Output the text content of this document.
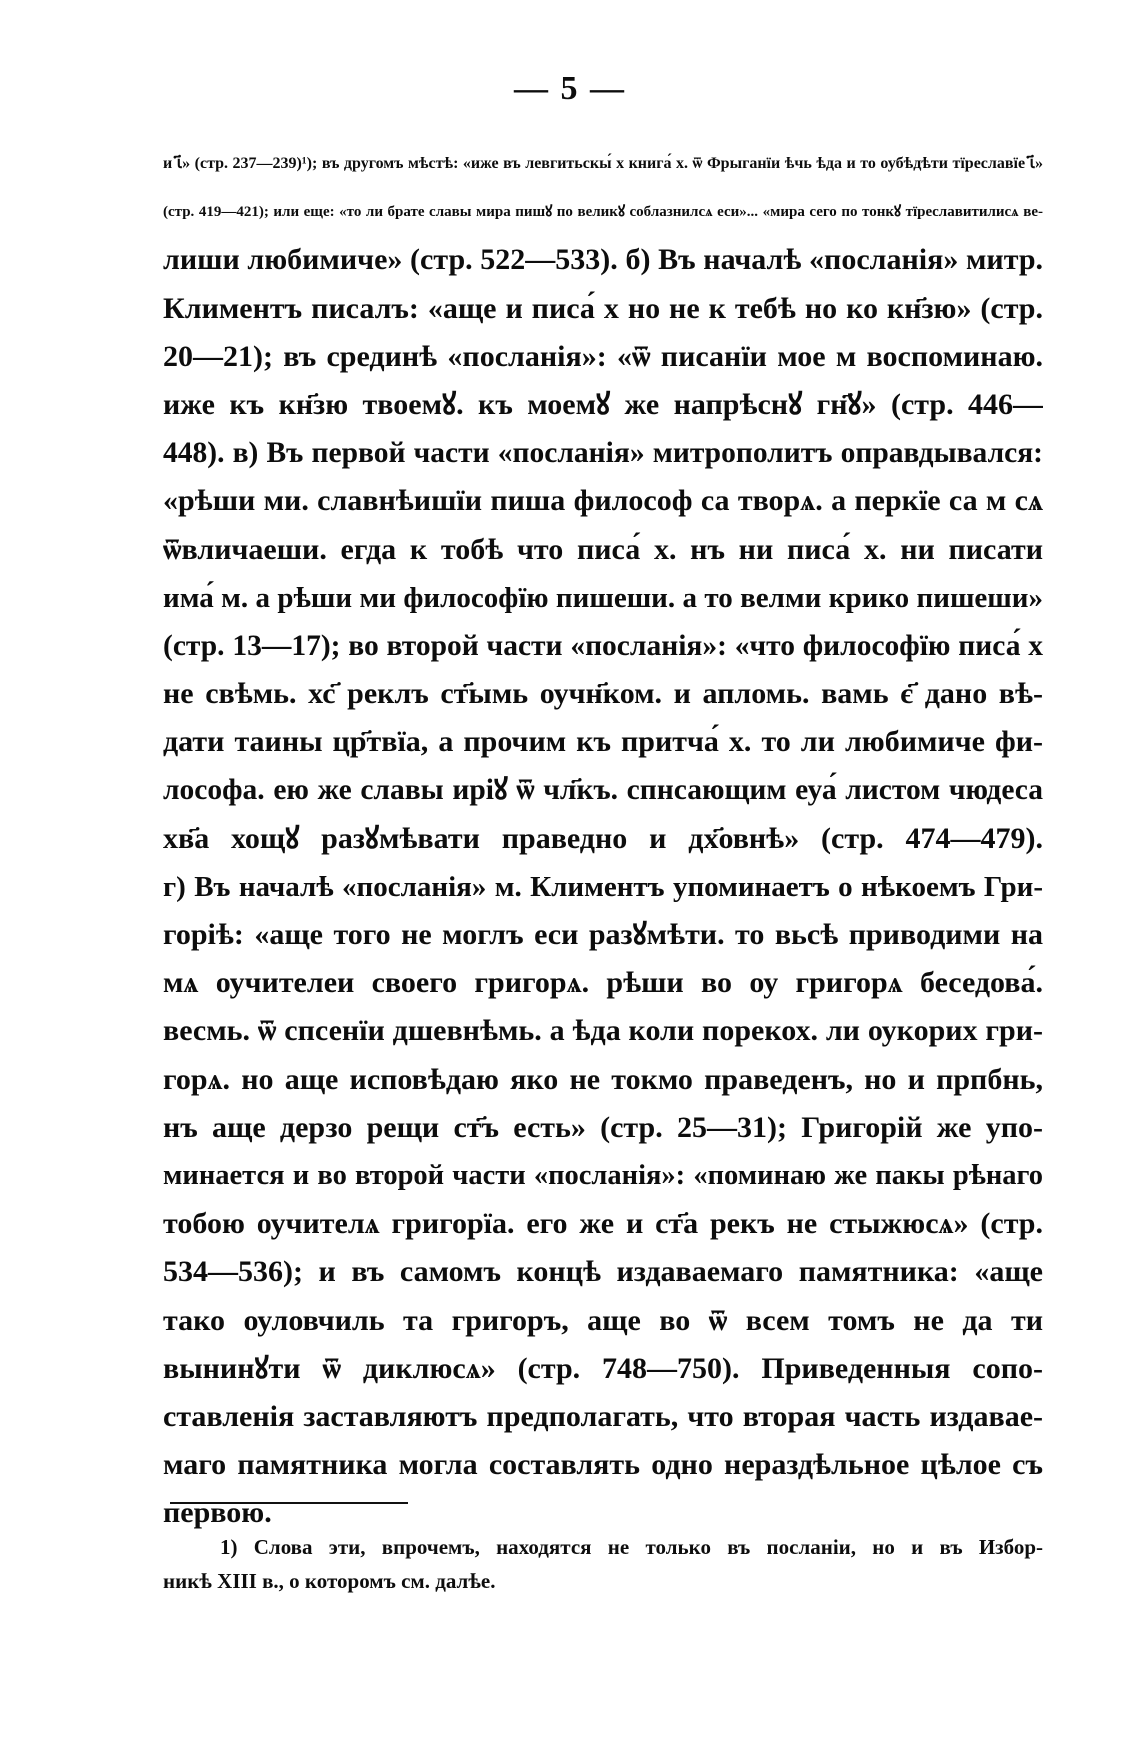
— 5 —
и ꙇ҃» (стр. 237—239)¹); въ другомъ мѣстѣ: «иже въ левгитьскы́ х книга́ х. ѿ Фрыганїи ѣчь ѣда и то оубѣдѣти тїрeславїе ꙇ҃»
(стр. 419—421); или еще: «то ли брате славы мира пишꙋ по великꙋ соблазнилсѧ еси»... «мира сего по тонкꙋ тїрeславитилисѧ ве-
лиши любимиче» (стр. 522—533). б) Въ началѣ «посланія» митр.
Климентъ писалъ: «аще и писа́ х но не к тебѣ но ко кн҃зю» (стр.
20—21); въ срединѣ «посланія»: «ѿ писанїи мое м воспоминаю.
иже къ кн҃зю твоемꙋ. къ моемꙋ же напрѣснꙋ гн҃ꙋ» (стр. 446—
448). в) Въ первой части «посланія» митрополитъ оправдывался:
«рѣши ми. славнѣишїи пиша философ са творѧ. а перкїе са м сѧ
ѿвличаеши. егда к тобѣ что писа́ х. нъ ни писа́ х. ни писати
има́ м. а рѣши ми философїю пишеши. а то велми крико пишеши»
(стр. 13—17); во второй части «посланія»: «что философїю писа́ х
не свѣмь. хс҃ реклъ ст҃ымь оучн҃ком. и апломь. вамь є҃ дано вѣ-
дати таины цр҃твїа, а прочим къ притча́ х. то ли любимиче фи-
лософа. ею же славы иріꙋ ѿ чл҃къ. спнсающим еуа́ листом чюдеса
хв҃а хощꙋ разꙋмѣвати праведно и дх҃овнѣ» (стр. 474—479).
г) Въ началѣ «посланія» м. Климентъ упоминаетъ о нѣкоемъ Гри-
горіѣ: «аще того не моглъ еси разꙋмѣти. то вьсѣ приводими на
мѧ оучителеи своего григорѧ. рѣши во оу григорѧ беседова́.
весмь. ѿ спсенїи дшевнѣмь. а ѣда коли порекох. ли оукорих гри-
горѧ. но аще исповѣдаю яко не токмо праведенъ, но и прпбнь,
нъ аще дерзо рещи ст҃ъ есть» (стр. 25—31); Григорій же упо-
минается и во второй части «посланія»: «поминаю же пакы рѣнаго
тобою оучителѧ григорїа. его же и ст҃а рекъ не стыжюсѧ» (стр.
534—536); и въ самомъ концѣ издаваемаго памятника: «аще
тако оуловчиль та григоръ, аще во ѿ всем томъ не да ти
вынинꙋти ѿ диклюсѧ» (стр. 748—750). Приведенныя сопо-
ставленія заставляютъ предполагать, что вторая часть издавае-
маго памятника могла составлять одно нераздѣльное цѣлое съ
первою.
1) Слова эти, впрочемъ, находятся не только въ посланіи, но и въ Избор-
никѣ XIII в., о которомъ см. далѣе.
